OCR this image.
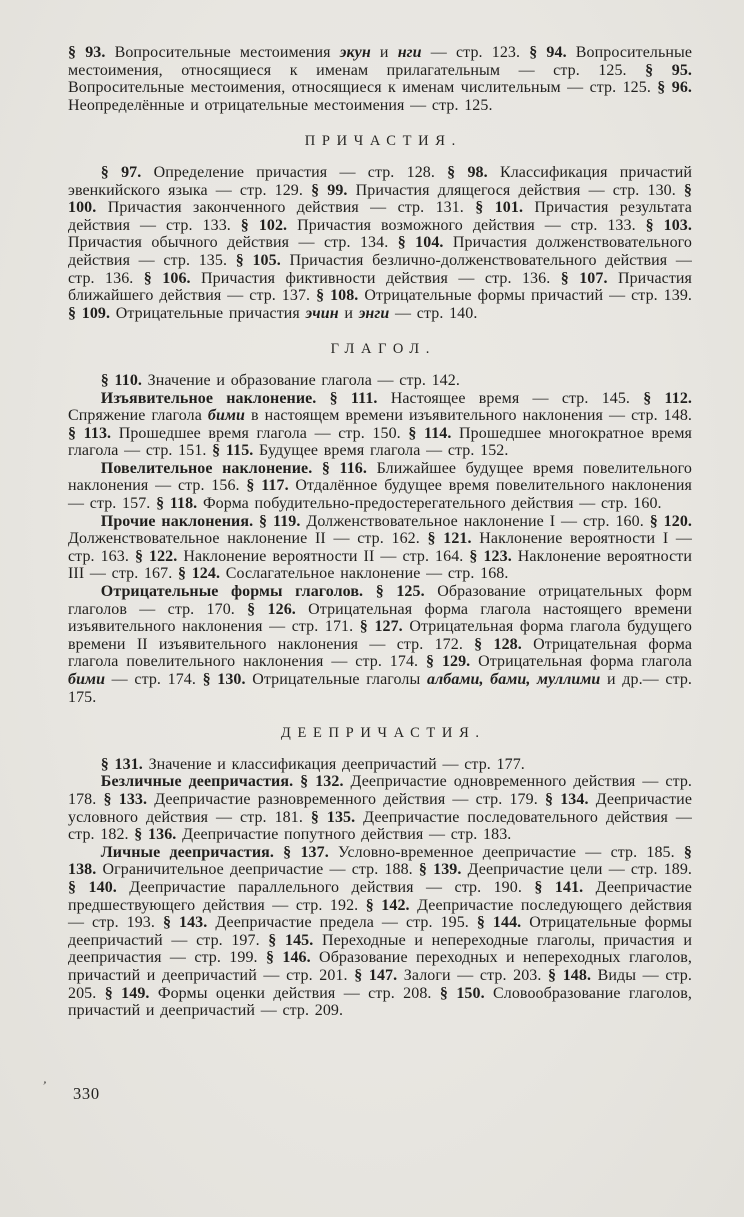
§ 93. Вопросительные местоимения экун и нги — стр. 123. § 94. Вопросительные местоимения, относящиеся к именам прилагательным — стр. 125. § 95. Вопросительные местоимения, относящиеся к именам числительным — стр. 125. § 96. Неопределённые и отрицательные местоимения — стр. 125.

ПРИЧАСТИЯ.

§ 97. Определение причастия — стр. 128. § 98. Классификация причастий эвенкийского языка — стр. 129. § 99. Причастия длящегося действия — стр. 130. § 100. Причастия законченного действия — стр. 131. § 101. Причастия результата действия — стр. 133. § 102. Причастия возможного действия — стр. 133. § 103. Причастия обычного действия — стр. 134. § 104. Причастия долженствовательного действия — стр. 135. § 105. Причастия безлично-долженствовательного действия — стр. 136. § 106. Причастия фиктивности действия — стр. 136. § 107. Причастия ближайшего действия — стр. 137. § 108. Отрицательные формы причастий — стр. 139. § 109. Отрицательные причастия эчин и энги — стр. 140.

ГЛАГОЛ.

§ 110. Значение и образование глагола — стр. 142.

Изъявительное наклонение. § 111. Настоящее время — стр. 145. § 112. Спряжение глагола бими в настоящем времени изъявительного наклонения — стр. 148. § 113. Прошедшее время глагола — стр. 150. § 114. Прошедшее многократное время глагола — стр. 151. § 115. Будущее время глагола — стр. 152.

Повелительное наклонение. § 116. Ближайшее будущее время повелительного наклонения — стр. 156. § 117. Отдалённое будущее время повелительного наклонения — стр. 157. § 118. Форма побудительно-предостерегательного действия — стр. 160.

Прочие наклонения. § 119. Долженствовательное наклонение I — стр. 160. § 120. Долженствовательное наклонение II — стр. 162. § 121. Наклонение вероятности I — стр. 163. § 122. Наклонение вероятности II — стр. 164. § 123. Наклонение вероятности III — стр. 167. § 124. Сослагательное наклонение — стр. 168.

Отрицательные формы глаголов. § 125. Образование отрицательных форм глаголов — стр. 170. § 126. Отрицательная форма глагола настоящего времени изъявительного наклонения — стр. 171. § 127. Отрицательная форма глагола будущего времени II изъявительного наклонения — стр. 172. § 128. Отрицательная форма глагола повелительного наклонения — стр. 174. § 129. Отрицательная форма глагола бими — стр. 174. § 130. Отрицательные глаголы албами, бами, муллими и др.— стр. 175.

ДЕЕПРИЧАСТИЯ.

§ 131. Значение и классификация деепричастий — стр. 177.

Безличные деепричастия. § 132. Деепричастие одновременного действия — стр. 178. § 133. Деепричастие разновременного действия — стр. 179. § 134. Деепричастие условного действия — стр. 181. § 135. Деепричастие последовательного действия — стр. 182. § 136. Деепричастие попутного действия — стр. 183.

Личные деепричастия. § 137. Условно-временное деепричастие — стр. 185. § 138. Ограничительное деепричастие — стр. 188. § 139. Деепричастие цели — стр. 189. § 140. Деепричастие параллельного действия — стр. 190. § 141. Деепричастие предшествующего действия — стр. 192. § 142. Деепричастие последующего действия — стр. 193. § 143. Деепричастие предела — стр. 195. § 144. Отрицательные формы деепричастий — стр. 197. § 145. Переходные и непереходные глаголы, причастия и деепричастия — стр. 199. § 146. Образование переходных и непереходных глаголов, причастий и деепричастий — стр. 201. § 147. Залоги — стр. 203. § 148. Виды — стр. 205. § 149. Формы оценки действия — стр. 208. § 150. Словообразование глаголов, причастий и деепричастий — стр. 209.

’ 330
